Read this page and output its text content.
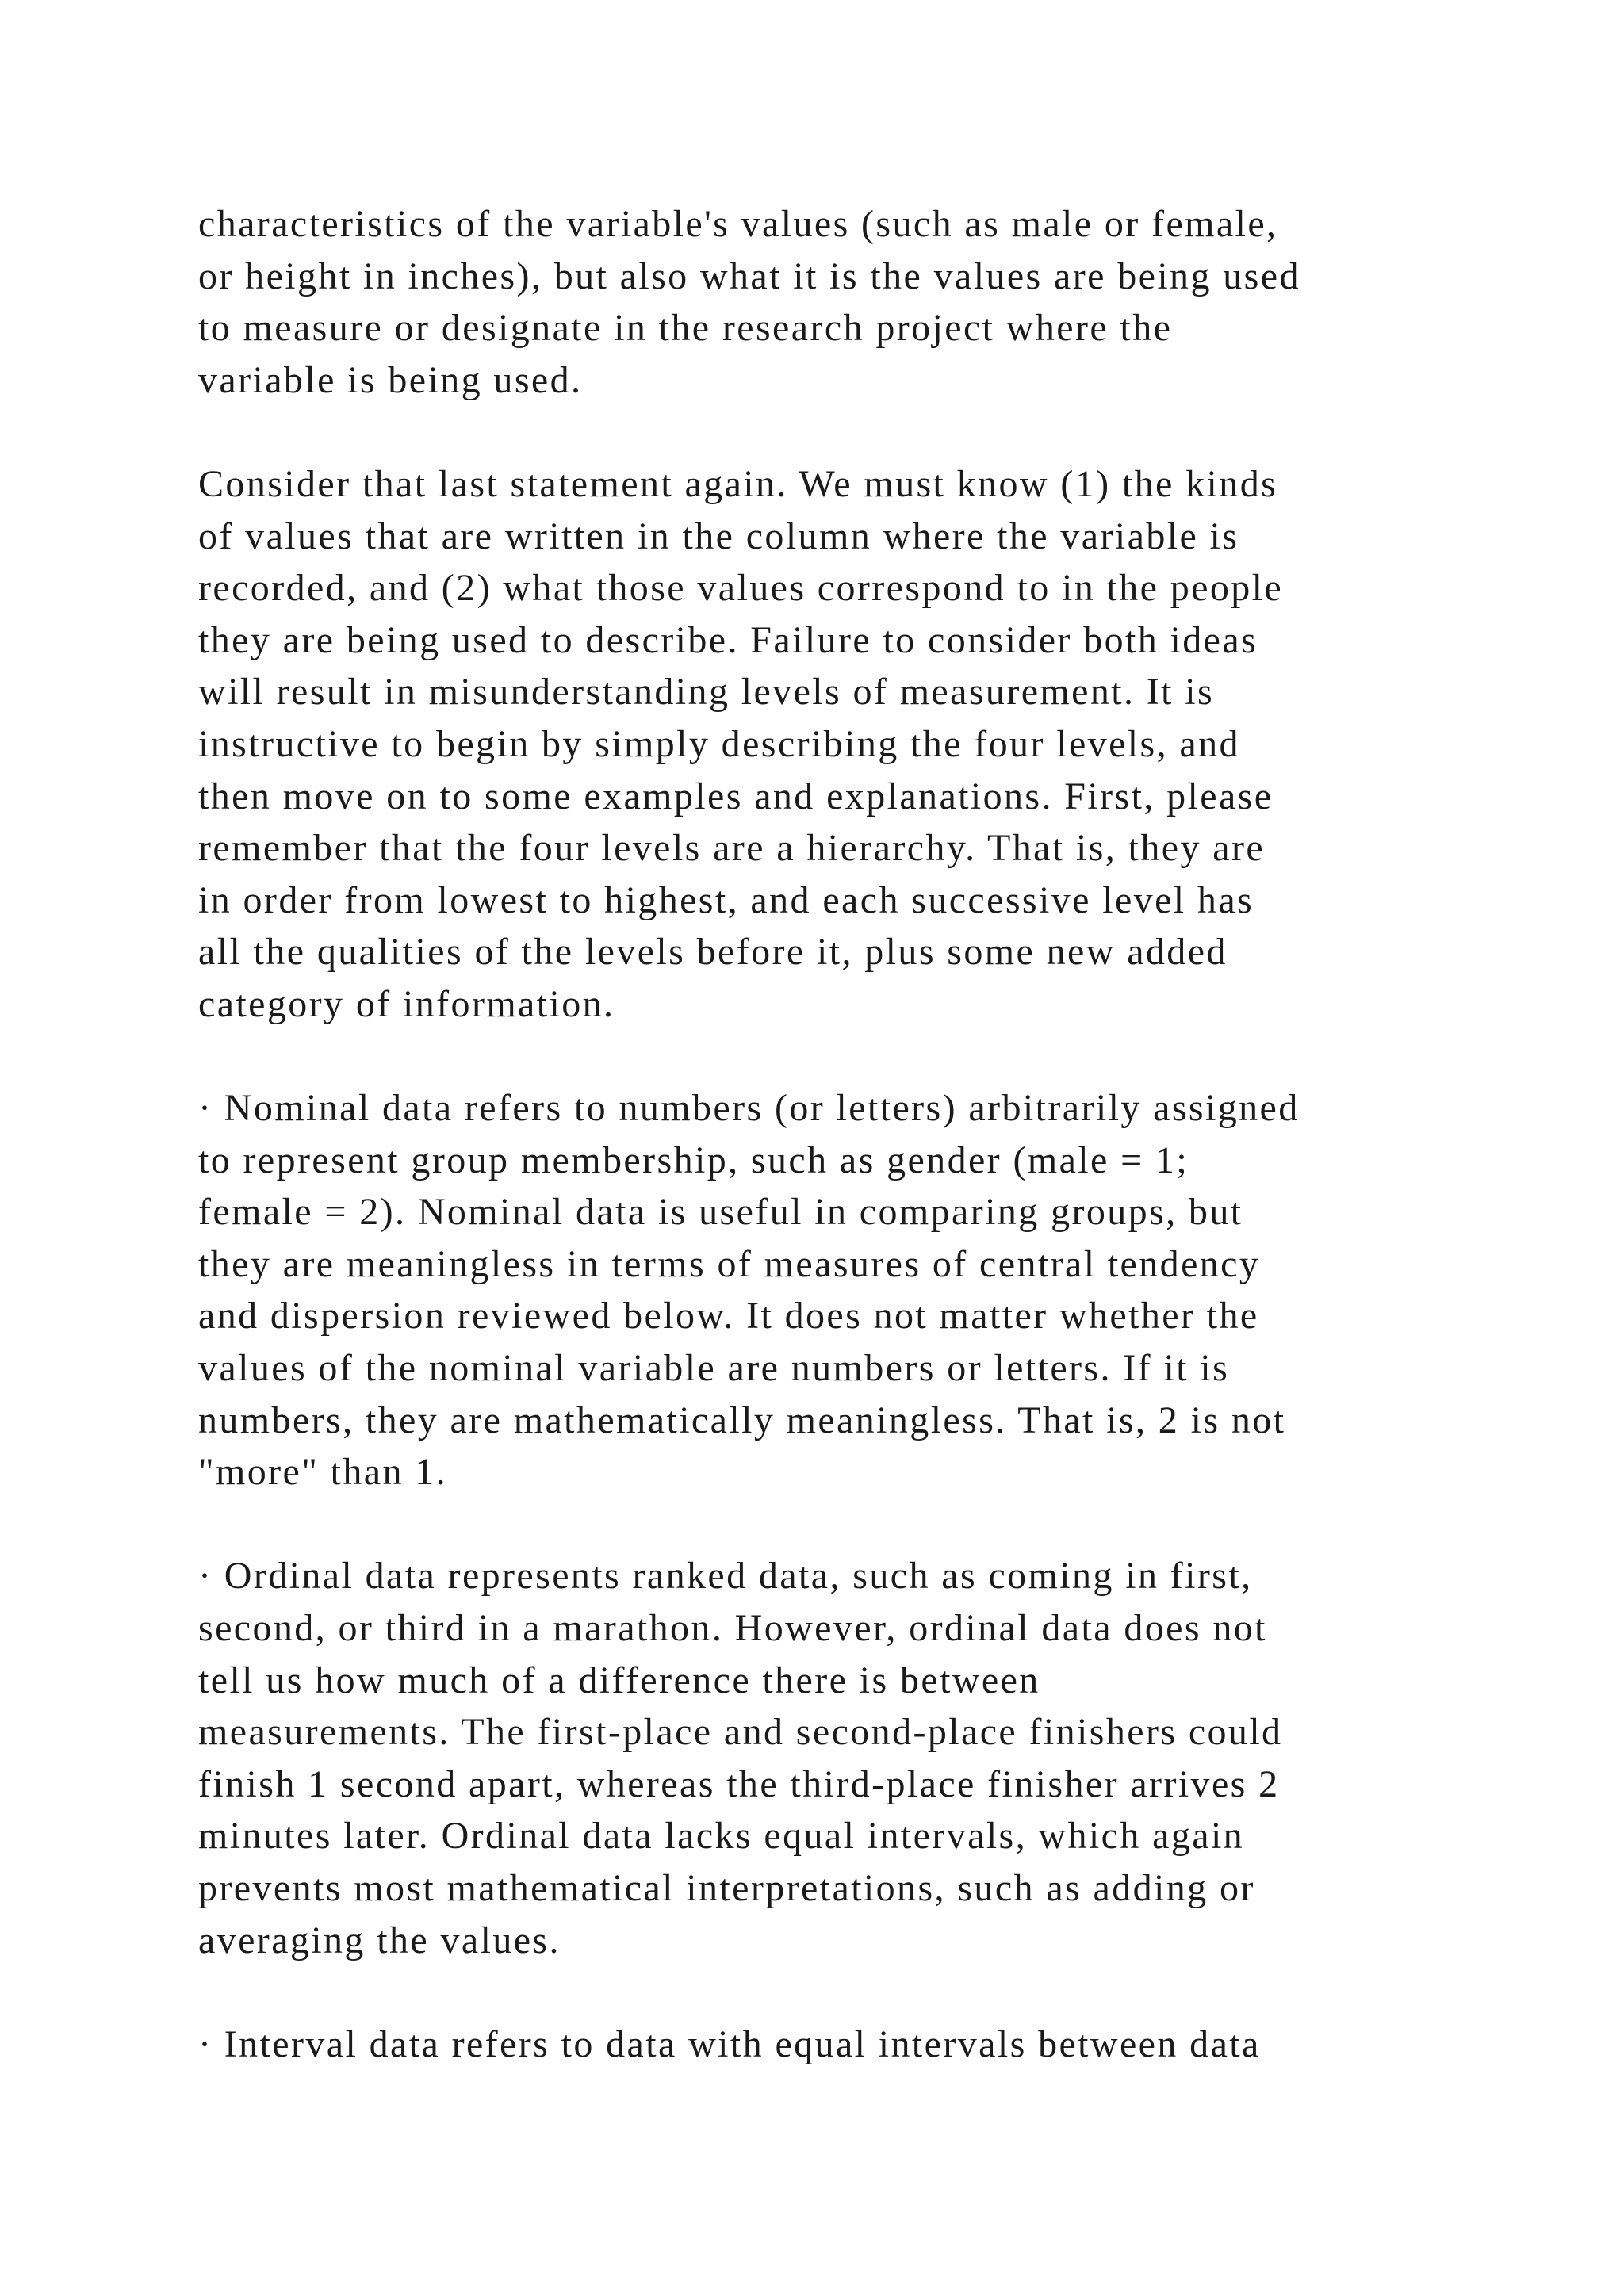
characteristics of the variable's values (such as male or female,
or height in inches), but also what it is the values are being used
to measure or designate in the research project where the
variable is being used.

Consider that last statement again. We must know (1) the kinds
of values that are written in the column where the variable is
recorded, and (2) what those values correspond to in the people
they are being used to describe. Failure to consider both ideas
will result in misunderstanding levels of measurement. It is
instructive to begin by simply describing the four levels, and
then move on to some examples and explanations. First, please
remember that the four levels are a hierarchy. That is, they are
in order from lowest to highest, and each successive level has
all the qualities of the levels before it, plus some new added
category of information.

· Nominal data refers to numbers (or letters) arbitrarily assigned
to represent group membership, such as gender (male = 1;
female = 2). Nominal data is useful in comparing groups, but
they are meaningless in terms of measures of central tendency
and dispersion reviewed below. It does not matter whether the
values of the nominal variable are numbers or letters. If it is
numbers, they are mathematically meaningless. That is, 2 is not
"more" than 1.

· Ordinal data represents ranked data, such as coming in first,
second, or third in a marathon. However, ordinal data does not
tell us how much of a difference there is between
measurements. The first-place and second-place finishers could
finish 1 second apart, whereas the third-place finisher arrives 2
minutes later. Ordinal data lacks equal intervals, which again
prevents most mathematical interpretations, such as adding or
averaging the values.

· Interval data refers to data with equal intervals between data
